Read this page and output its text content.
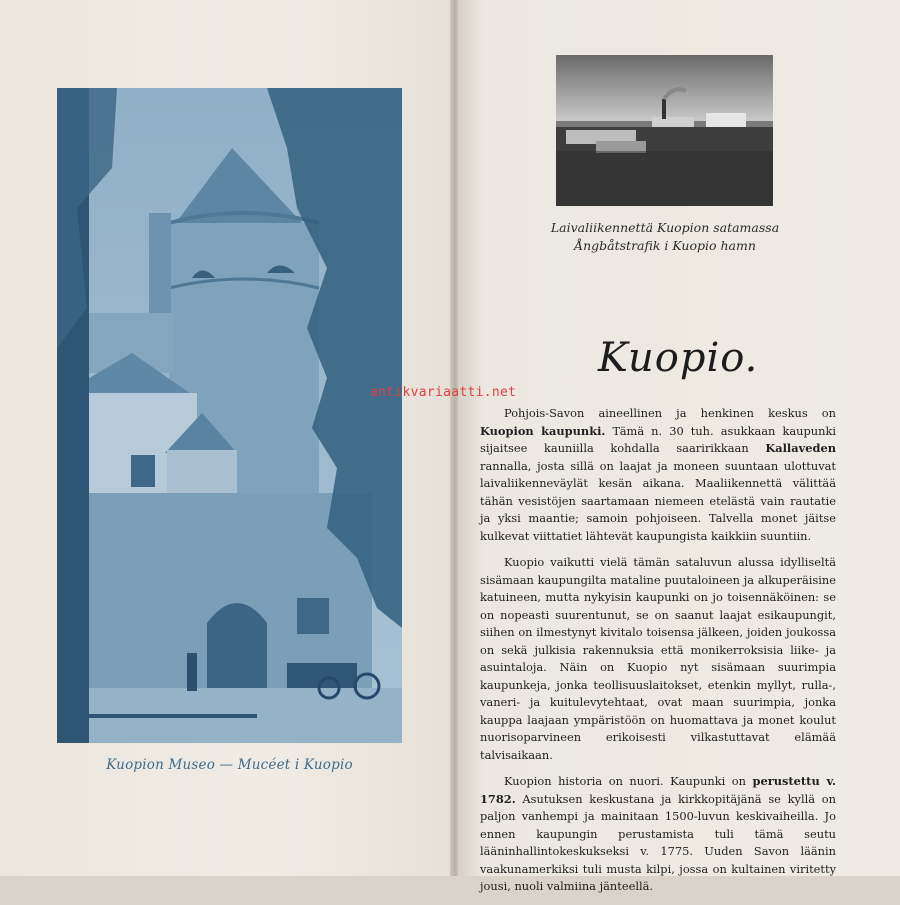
Kuopion Museo — Mucéet i Kuopio
Laivaliikennettä Kuopion satamassa
Ångbåtstrafik i Kuopio hamn
Kuopio.
antikvariaatti.net

Pohjois-Savon aineellinen ja henkinen keskus on Kuopion kaupunki. Tämä n. 30 tuh. asukkaan kaupunki sijaitsee kauniilla kohdalla saaririkkaan Kallaveden rannalla, josta sillä on laajat ja moneen suuntaan ulottuvat laivaliikenneväylät kesän aikana. Maaliikennettä välittää tähän vesistöjen saartamaan niemeen etelästä vain rautatie ja yksi maantie; samoin pohjoiseen. Talvella monet jäitse kulkevat viittatiet lähtevät kaupungista kaikkiin suuntiin.

Kuopio vaikutti vielä tämän sataluvun alussa idylliseltä sisämaan kaupungilta mataline puutaloineen ja alkuperäisine katuineen, mutta nykyisin kaupunki on jo toisennäköinen: se on nopeasti suurentunut, se on saanut laajat esikaupungit, siihen on ilmestynyt kivitalo toisensa jälkeen, joiden joukossa on sekä julkisia rakennuksia että monikerroksisia liike- ja asuintaloja. Näin on Kuopio nyt sisämaan suurimpia kaupunkeja, jonka teollisuuslaitokset, etenkin myllyt, rulla-, vaneri- ja kuitulevytehtaat, ovat maan suurimpia, jonka kauppa laajaan ympäristöön on huomattava ja monet koulut nuorisoparvineen erikoisesti vilkastuttavat elämää talvisaikaan.

Kuopion historia on nuori. Kaupunki on perustettu v. 1782. Asutuksen keskustana ja kirkkopitäjänä se kyllä on paljon vanhempi ja mainitaan 1500-luvun keskivaiheilla. Jo ennen kaupungin perustamista tuli tämä seutu lääninhallintokeskukseksi v. 1775. Uuden Savon läänin vaakunamerkiksi tuli musta kilpi, jossa on kultainen viritetty jousi, nuoli valmiina jänteellä.
